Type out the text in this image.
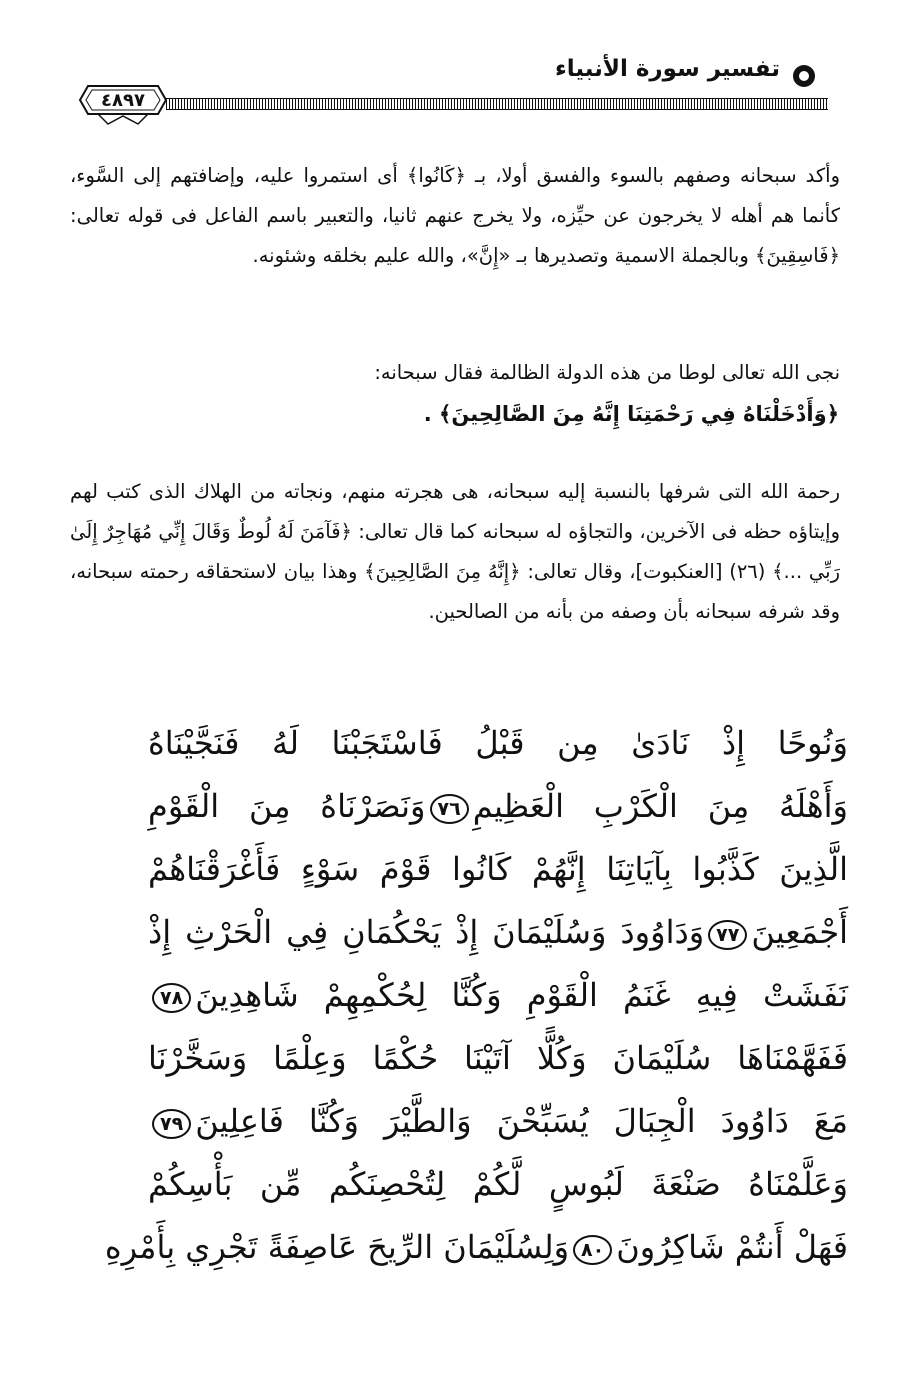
٤٨٩٧
تفسير سورة الأنبياء

وأكد سبحانه وصفهم بالسوء والفسق أولا، بـ ﴿كَانُوا﴾ أى استمروا عليه، وإضافتهم إلى السَّوء، كأنما هم أهله لا يخرجون عن حيِّزه، ولا يخرج عنهم ثانيا، والتعبير باسم الفاعل فى قوله تعالى: ﴿فَاسِقِينَ﴾ وبالجملة الاسمية وتصديرها بـ «إِنَّ»، والله عليم بخلقه وشئونه.

نجى الله تعالى لوطا من هذه الدولة الظالمة فقال سبحانه:

﴿وَأَدْخَلْنَاهُ فِي رَحْمَتِنَا إِنَّهُ مِنَ الصَّالِحِينَ﴾ .

رحمة الله التى شرفها بالنسبة إليه سبحانه، هى هجرته منهم، ونجاته من الهلاك الذى كتب لهم وإيتاؤه حظه فى الآخرين، والتجاؤه له سبحانه كما قال تعالى: ﴿فَآمَنَ لَهُ لُوطٌ وَقَالَ إِنِّي مُهَاجِرٌ إِلَىٰ رَبِّي ...﴾ (٢٦) [العنكبوت]، وقال تعالى: ﴿إِنَّهُ مِنَ الصَّالِحِينَ﴾ وهذا بيان لاستحقاقه رحمته سبحانه، وقد شرفه سبحانه بأن وصفه من بأنه من الصالحين.

وَنُوحًا إِذْ نَادَىٰ مِن قَبْلُ فَاسْتَجَبْنَا لَهُ فَنَجَّيْنَاهُ
وَأَهْلَهُ مِنَ الْكَرْبِ الْعَظِيمِ٧٦وَنَصَرْنَاهُ مِنَ الْقَوْمِ
الَّذِينَ كَذَّبُوا بِآيَاتِنَا إِنَّهُمْ كَانُوا قَوْمَ سَوْءٍ فَأَغْرَقْنَاهُمْ
أَجْمَعِينَ٧٧وَدَاوُودَ وَسُلَيْمَانَ إِذْ يَحْكُمَانِ فِي الْحَرْثِ إِذْ
نَفَشَتْ فِيهِ غَنَمُ الْقَوْمِ وَكُنَّا لِحُكْمِهِمْ شَاهِدِينَ٧٨
فَفَهَّمْنَاهَا سُلَيْمَانَ وَكُلًّا آتَيْنَا حُكْمًا وَعِلْمًا وَسَخَّرْنَا
مَعَ دَاوُودَ الْجِبَالَ يُسَبِّحْنَ وَالطَّيْرَ وَكُنَّا فَاعِلِينَ٧٩
وَعَلَّمْنَاهُ صَنْعَةَ لَبُوسٍ لَّكُمْ لِتُحْصِنَكُم مِّن بَأْسِكُمْ
فَهَلْ أَنتُمْ شَاكِرُونَ٨٠وَلِسُلَيْمَانَ الرِّيحَ عَاصِفَةً تَجْرِي بِأَمْرِهِ
